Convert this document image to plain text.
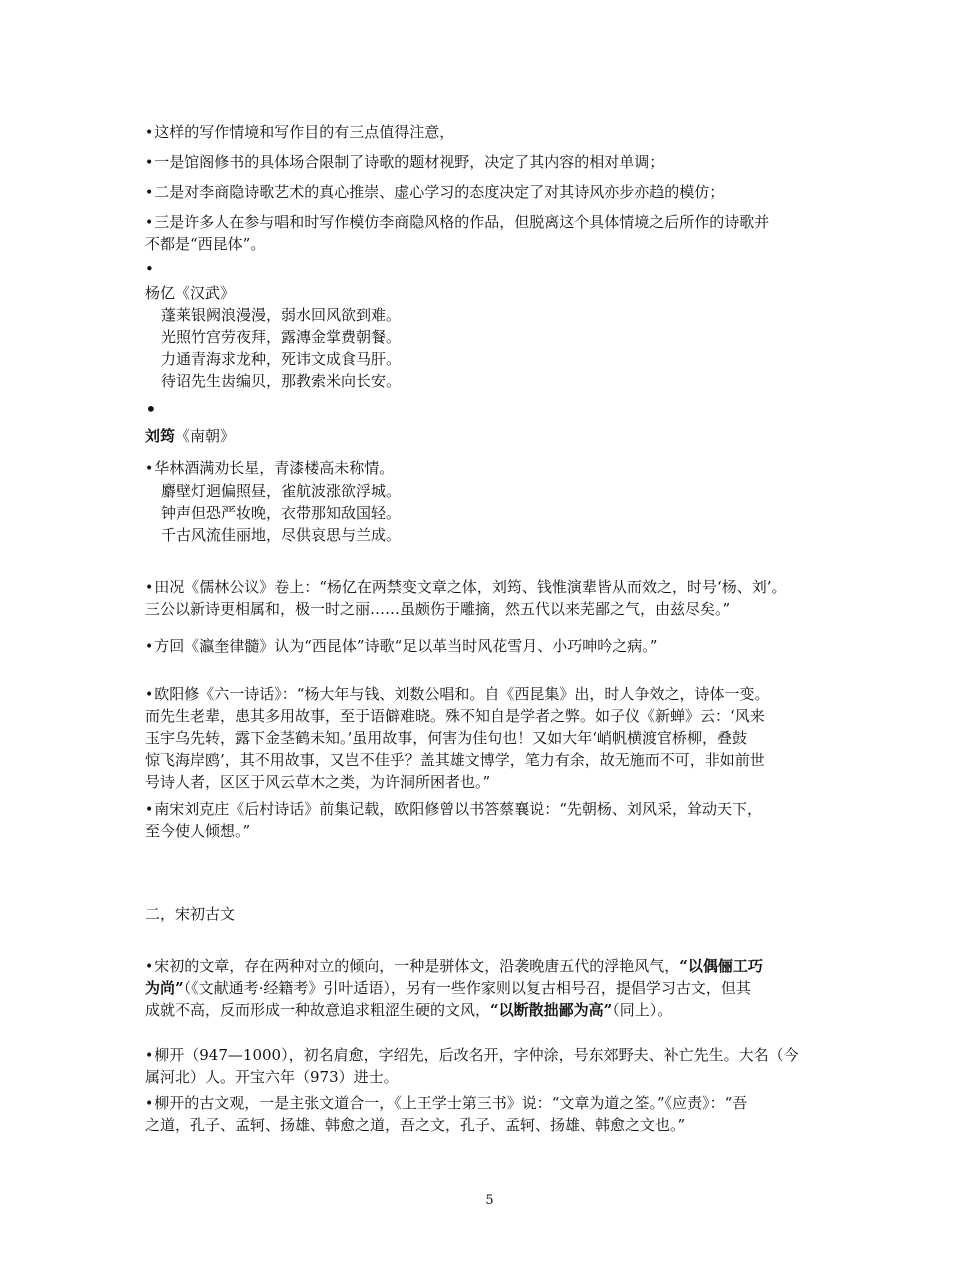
•这样的写作情境和写作目的有三点值得注意，
•一是馆阁修书的具体场合限制了诗歌的题材视野，决定了其内容的相对单调；
•二是对李商隐诗歌艺术的真心推崇、虚心学习的态度决定了对其诗风亦步亦趋的模仿；
•三是许多人在参与唱和时写作模仿李商隐风格的作品，但脱离这个具体情境之后所作的诗歌并
不都是“西昆体”。
•
杨亿《汉武》
蓬莱银阙浪漫漫，弱水回风欲到难。
光照竹宫劳夜拜，露漙金掌费朝餐。
力通青海求龙种，死讳文成食马肝。
待诏先生齿编贝，那教索米向长安。
•
刘筠《南朝》
•华林酒满劝长星，青漆楼高未称情。
麝壁灯迴偏照昼，雀航波涨欲浮城。
钟声但恐严妆晚，衣带那知敌国轻。
千古风流佳丽地，尽供哀思与兰成。
•田况《儒林公议》卷上：“杨亿在两禁变文章之体，刘筠、钱惟演辈皆从而效之，时号‘杨、刘’。
三公以新诗更相属和，极一时之丽……虽颇伤于雕摘，然五代以来芜鄙之气，由兹尽矣。”
•方回《瀛奎律髓》认为“西昆体”诗歌“足以革当时风花雪月、小巧呻吟之病。”
•欧阳修《六一诗话》：“杨大年与钱、刘数公唱和。自《西昆集》出，时人争效之，诗体一变。
而先生老辈，患其多用故事，至于语僻难晓。殊不知自是学者之弊。如子仪《新蝉》云：‘风来
玉宇乌先转，露下金茎鹤未知。’虽用故事，何害为佳句也！又如大年‘峭帆横渡官桥柳，叠鼓
惊飞海岸鸥’，其不用故事，又岂不佳乎？盖其雄文博学，笔力有余，故无施而不可，非如前世
号诗人者，区区于风云草木之类，为许洞所困者也。”
•南宋刘克庄《后村诗话》前集记载，欧阳修曾以书答蔡襄说：“先朝杨、刘风采，耸动天下，
至今使人倾想。”
二，宋初古文
•宋初的文章，存在两种对立的倾向，一种是骈体文，沿袭晚唐五代的浮艳风气，“以偶俪工巧
为尚”（《文献通考·经籍考》引叶适语），另有一些作家则以复古相号召，提倡学习古文，但其
成就不高，反而形成一种故意追求粗涩生硬的文风，“以断散拙鄙为高”（同上）。
•柳开（947—1000），初名肩愈，字绍先，后改名开，字仲涂，号东郊野夫、补亡先生。大名（今
属河北）人。开宝六年（973）进士。
•柳开的古文观，一是主张文道合一，《上王学士第三书》说：“文章为道之筌。”《应责》：“吾
之道，孔子、孟轲、扬雄、韩愈之道，吾之文，孔子、孟轲、扬雄、韩愈之文也。”
5
